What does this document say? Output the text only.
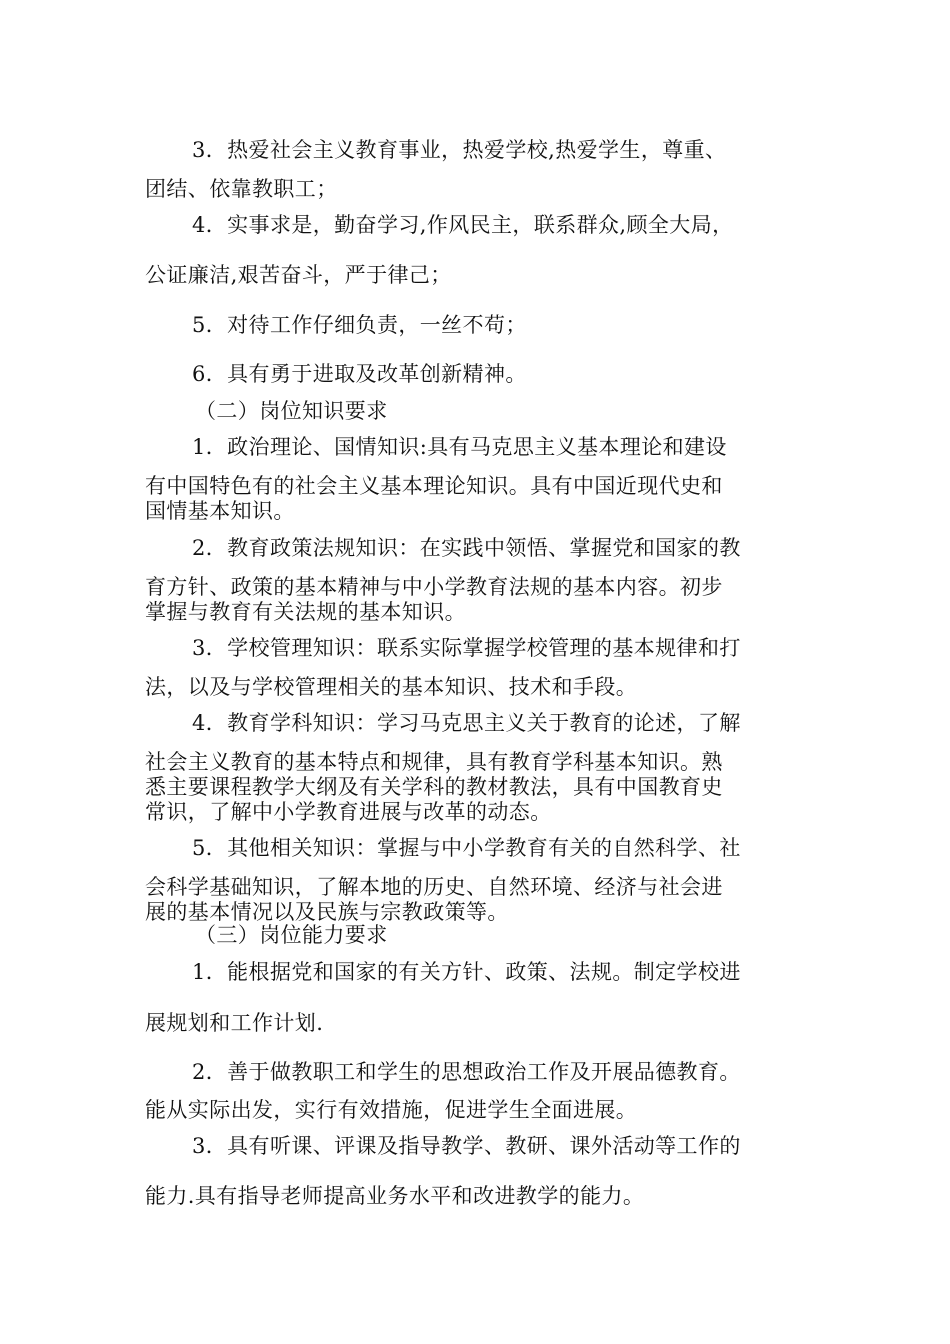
3．热爱社会主义教育事业，热爱学校,热爱学生，尊重、
团结、依靠教职工；
4．实事求是，勤奋学习,作风民主，联系群众,顾全大局，
公证廉洁,艰苦奋斗，严于律己；
5．对待工作仔细负责，一丝不苟；
6．具有勇于进取及改革创新精神。
（二）岗位知识要求
1．政治理论、国情知识:具有马克思主义基本理论和建设
有中国特色有的社会主义基本理论知识。具有中国近现代史和
国情基本知识。
2．教育政策法规知识：在实践中领悟、掌握党和国家的教
育方针、政策的基本精神与中小学教育法规的基本内容。初步
掌握与教育有关法规的基本知识。
3．学校管理知识：联系实际掌握学校管理的基本规律和打
法，以及与学校管理相关的基本知识、技术和手段。
4．教育学科知识：学习马克思主义关于教育的论述，了解
社会主义教育的基本特点和规律，具有教育学科基本知识。熟
悉主要课程教学大纲及有关学科的教材教法，具有中国教育史
常识，了解中小学教育进展与改革的动态。
5．其他相关知识：掌握与中小学教育有关的自然科学、社
会科学基础知识，了解本地的历史、自然环境、经济与社会进
展的基本情况以及民族与宗教政策等。
（三）岗位能力要求
1．能根据党和国家的有关方针、政策、法规。制定学校进
展规划和工作计划.
2．善于做教职工和学生的思想政治工作及开展品德教育。
能从实际出发，实行有效措施，促进学生全面进展。
3．具有听课、评课及指导教学、教研、课外活动等工作的
能力.具有指导老师提高业务水平和改进教学的能力。
